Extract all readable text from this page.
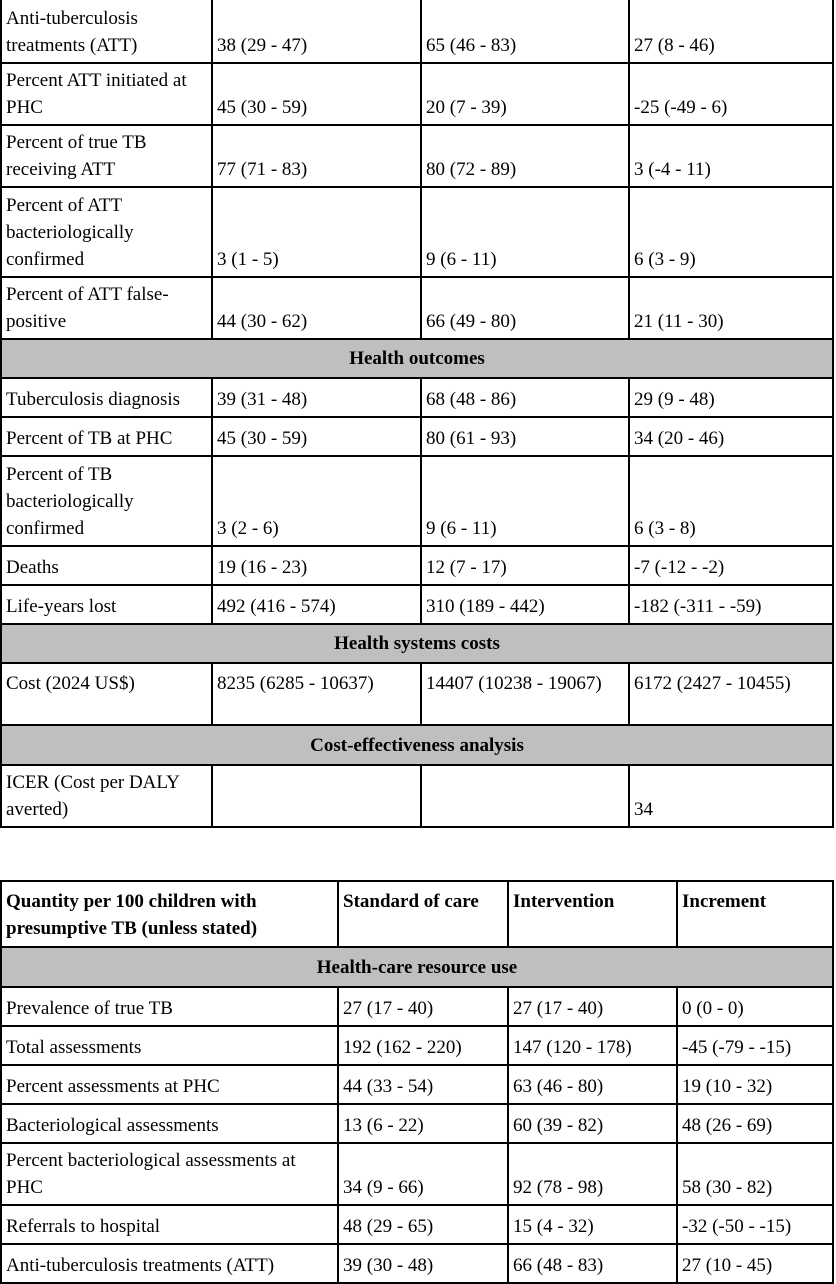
Anti-tuberculosis treatments (ATT)	38 (29 - 47)	65 (46 - 83)	27 (8 - 46)
Percent ATT initiated at PHC	45 (30 - 59)	20 (7 - 39)	-25 (-49 - 6)
Percent of true TB receiving ATT	77 (71 - 83)	80 (72 - 89)	3 (-4 - 11)
Percent of ATT bacteriologically confirmed	3 (1 - 5)	9 (6 - 11)	6 (3 - 9)
Percent of ATT false-positive	44 (30 - 62)	66 (49 - 80)	21 (11 - 30)
Health outcomes			
Tuberculosis diagnosis	39 (31 - 48)	68 (48 - 86)	29 (9 - 48)
Percent of TB at PHC	45 (30 - 59)	80 (61 - 93)	34 (20 - 46)
Percent of TB bacteriologically confirmed	3 (2 - 6)	9 (6 - 11)	6 (3 - 8)
Deaths	19 (16 - 23)	12 (7 - 17)	-7 (-12 - -2)
Life-years lost	492 (416 - 574)	310 (189 - 442)	-182 (-311 - -59)
Health systems costs			
Cost (2024 US$)	8235 (6285 - 10637)	14407 (10238 - 19067)	6172 (2427 - 10455)
Cost-effectiveness analysis			
ICER (Cost per DALY averted)			34
Quantity per 100 children with presumptive TB (unless stated)	Standard of care	Intervention	Increment
Health-care resource use			
Prevalence of true TB	27 (17 - 40)	27 (17 - 40)	0 (0 - 0)
Total assessments	192 (162 - 220)	147 (120 - 178)	-45 (-79 - -15)
Percent assessments at PHC	44 (33 - 54)	63 (46 - 80)	19 (10 - 32)
Bacteriological assessments	13 (6 - 22)	60 (39 - 82)	48 (26 - 69)
Percent bacteriological assessments at PHC	34 (9 - 66)	92 (78 - 98)	58 (30 - 82)
Referrals to hospital	48 (29 - 65)	15 (4 - 32)	-32 (-50 - -15)
Anti-tuberculosis treatments (ATT)	39 (30 - 48)	66 (48 - 83)	27 (10 - 45)
